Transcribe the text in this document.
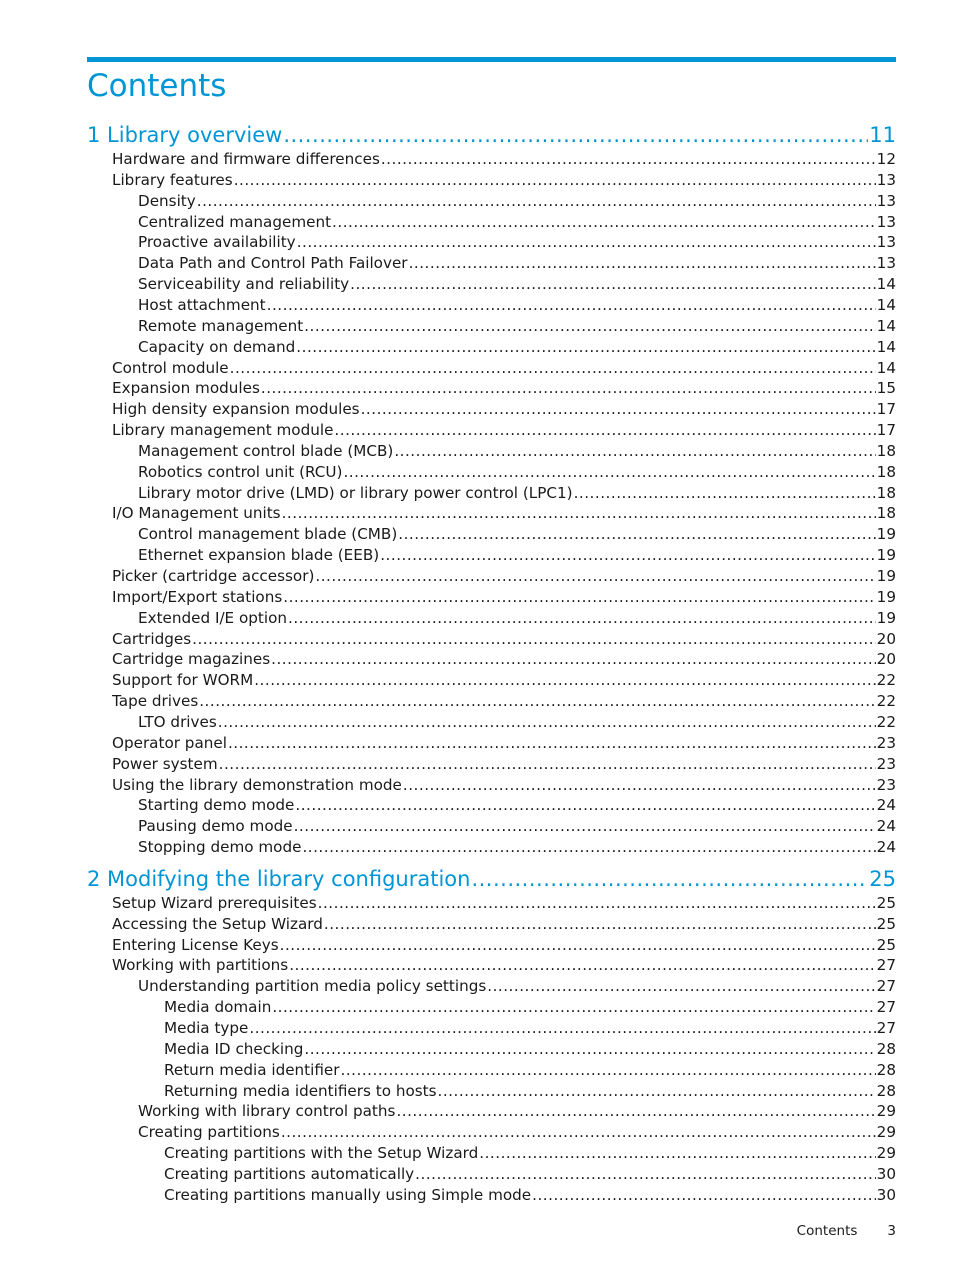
Contents
1 Library overview .....	11
Hardware and firmware differences .....	12
Library features .....	13
Density .....	13
Centralized management .....	13
Proactive availability .....	13
Data Path and Control Path Failover .....	13
Serviceability and reliability .....	14
Host attachment .....	14
Remote management .....	14
Capacity on demand .....	14
Control module .....	14
Expansion modules .....	15
High density expansion modules .....	17
Library management module .....	17
Management control blade (MCB) .....	18
Robotics control unit (RCU) .....	18
Library motor drive (LMD) or library power control (LPC1) .....	18
I/O Management units .....	18
Control management blade (CMB) .....	19
Ethernet expansion blade (EEB) .....	19
Picker (cartridge accessor) .....	19
Import/Export stations .....	19
Extended I/E option .....	19
Cartridges .....	20
Cartridge magazines .....	20
Support for WORM .....	22
Tape drives .....	22
LTO drives .....	22
Operator panel .....	23
Power system .....	23
Using the library demonstration mode .....	23
Starting demo mode .....	24
Pausing demo mode .....	24
Stopping demo mode .....	24
2 Modifying the library configuration .....	25
Setup Wizard prerequisites .....	25
Accessing the Setup Wizard .....	25
Entering License Keys .....	25
Working with partitions .....	27
Understanding partition media policy settings .....	27
Media domain .....	27
Media type .....	27
Media ID checking .....	28
Return media identifier .....	28
Returning media identifiers to hosts .....	28
Working with library control paths .....	29
Creating partitions .....	29
Creating partitions with the Setup Wizard .....	29
Creating partitions automatically .....	30
Creating partitions manually using Simple mode .....	30
Contents 3
